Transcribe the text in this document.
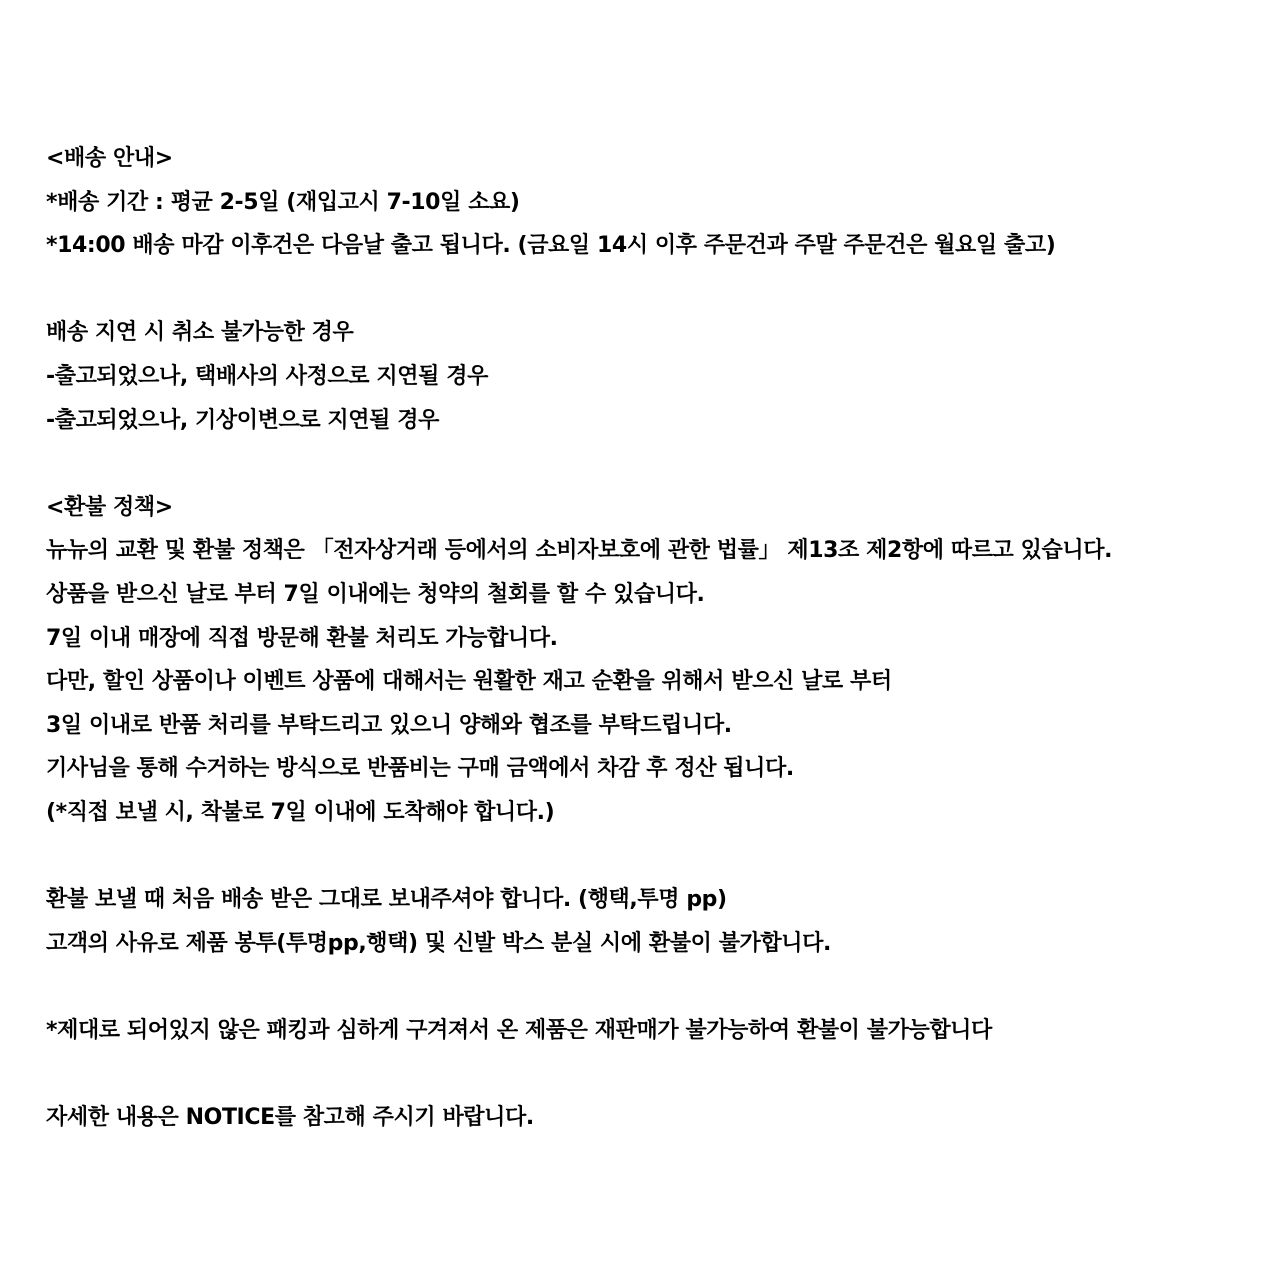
<배송 안내>
*배송 기간 : 평균 2-5일 (재입고시 7-10일 소요)
*14:00 배송 마감 이후건은 다음날 출고 됩니다. (금요일 14시 이후 주문건과 주말 주문건은 월요일 출고)
배송 지연 시 취소 불가능한 경우
-출고되었으나, 택배사의 사정으로 지연될 경우
-출고되었으나, 기상이변으로 지연될 경우
<환불 정책>
뉴뉴의 교환 및 환불 정책은 「전자상거래 등에서의 소비자보호에 관한 법률」 제13조 제2항에 따르고 있습니다.
상품을 받으신 날로 부터 7일 이내에는 청약의 철회를 할 수 있습니다.
7일 이내 매장에 직접 방문해 환불 처리도 가능합니다.
다만, 할인 상품이나 이벤트 상품에 대해서는 원활한 재고 순환을 위해서 받으신 날로 부터
3일 이내로 반품 처리를 부탁드리고 있으니 양해와 협조를 부탁드립니다.
기사님을 통해 수거하는 방식으로 반품비는 구매 금액에서 차감 후 정산 됩니다.
(*직접 보낼 시, 착불로 7일 이내에 도착해야 합니다.)
환불 보낼 때 처음 배송 받은 그대로 보내주셔야 합니다. (행택,투명 pp)
고객의 사유로 제품 봉투(투명pp,행택) 및 신발 박스 분실 시에 환불이 불가합니다.
*제대로 되어있지 않은 패킹과 심하게 구겨져서 온 제품은 재판매가 불가능하여 환불이 불가능합니다
자세한 내용은 NOTICE를 참고해 주시기 바랍니다.
